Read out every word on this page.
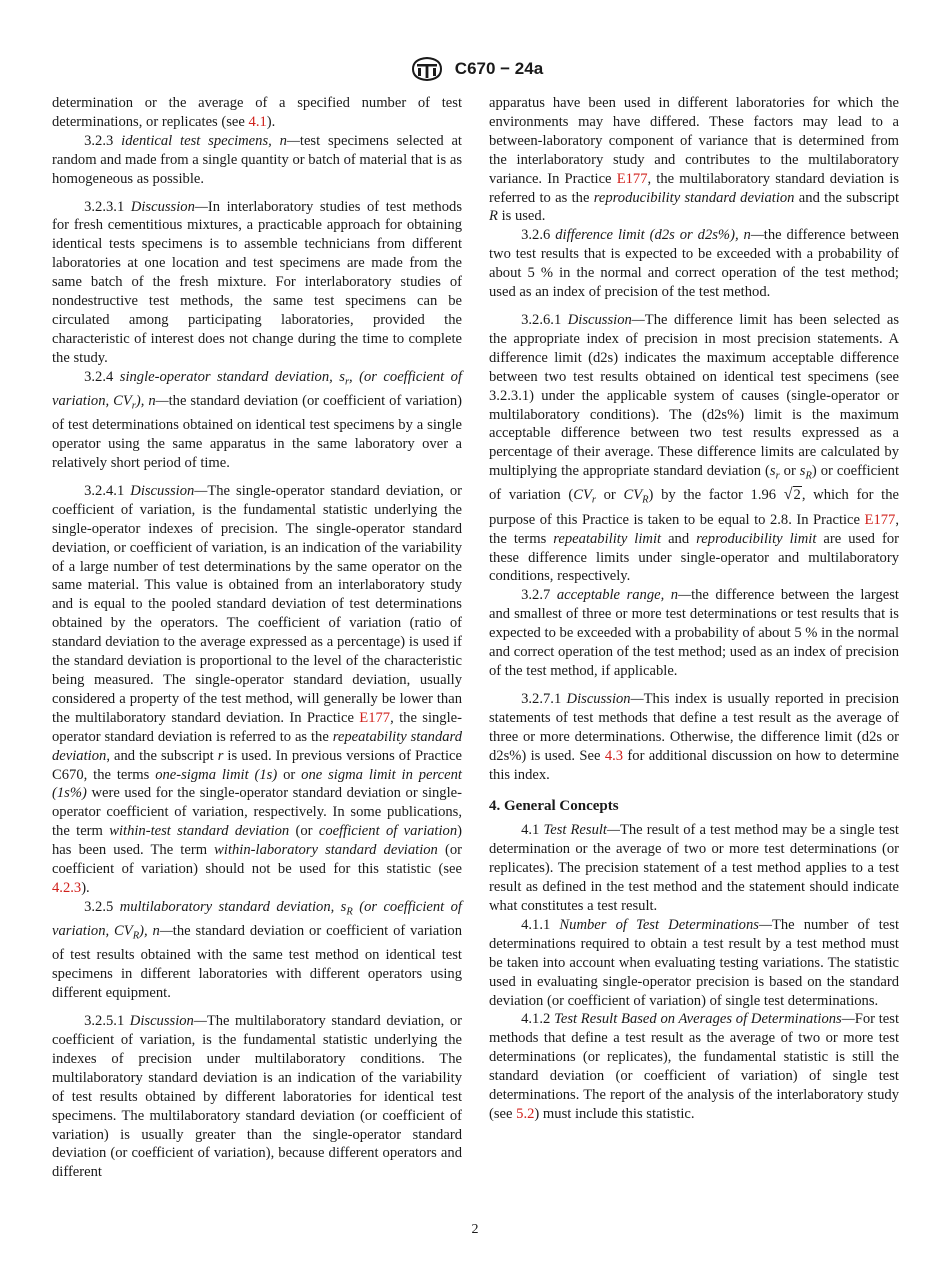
C670 − 24a

determination or the average of a specified number of test determinations, or replicates (see 4.1).

3.2.3 identical test specimens, n—test specimens selected at random and made from a single quantity or batch of material that is as homogeneous as possible.

3.2.3.1 Discussion—In interlaboratory studies of test methods for fresh cementitious mixtures, a practicable approach for obtaining identical tests specimens is to assemble technicians from different laboratories at one location and test specimens are made from the same batch of the fresh mixture. For interlaboratory studies of nondestructive test methods, the same test specimens can be circulated among participating laboratories, provided the characteristic of interest does not change during the time to complete the study.

3.2.4 single-operator standard deviation, $s_r$, (or coefficient of variation, $CV_r$), n—the standard deviation (or coefficient of variation) of test determinations obtained on identical test specimens by a single operator using the same apparatus in the same laboratory over a relatively short period of time.

3.2.4.1 Discussion—The single-operator standard deviation, or coefficient of variation, is the fundamental statistic underlying the single-operator indexes of precision. The single-operator standard deviation, or coefficient of variation, is an indication of the variability of a large number of test determinations by the same operator on the same material. This value is obtained from an interlaboratory study and is equal to the pooled standard deviation of test determinations obtained by the operators. The coefficient of variation (ratio of standard deviation to the average expressed as a percentage) is used if the standard deviation is proportional to the level of the characteristic being measured. The single-operator standard deviation, usually considered a property of the test method, will generally be lower than the multilaboratory standard deviation. In Practice E177, the single-operator standard deviation is referred to as the repeatability standard deviation, and the subscript r is used. In previous versions of Practice C670, the terms one-sigma limit (1s) or one sigma limit in percent (1s%) were used for the single-operator standard deviation or single-operator coefficient of variation, respectively. In some publications, the term within-test standard deviation (or coefficient of variation) has been used. The term within-laboratory standard deviation (or coefficient of variation) should not be used for this statistic (see 4.2.3).

3.2.5 multilaboratory standard deviation, $s_R$ (or coefficient of variation, $CV_R$), n—the standard deviation or coefficient of variation of test results obtained with the same test method on identical test specimens in different laboratories with different operators using different equipment.

3.2.5.1 Discussion—The multilaboratory standard deviation, or coefficient of variation, is the fundamental statistic underlying the indexes of precision under multilaboratory conditions. The multilaboratory standard deviation is an indication of the variability of test results obtained by different laboratories for identical test specimens. The multilaboratory standard deviation (or coefficient of variation) is usually greater than the single-operator standard deviation (or coefficient of variation), because different operators and different

apparatus have been used in different laboratories for which the environments may have differed. These factors may lead to a between-laboratory component of variance that is determined from the interlaboratory study and contributes to the multilaboratory variance. In Practice E177, the multilaboratory standard deviation is referred to as the reproducibility standard deviation and the subscript R is used.

3.2.6 difference limit (d2s or d2s%), n—the difference between two test results that is expected to be exceeded with a probability of about 5 % in the normal and correct operation of the test method; used as an index of precision of the test method.

3.2.6.1 Discussion—The difference limit has been selected as the appropriate index of precision in most precision statements. A difference limit (d2s) indicates the maximum acceptable difference between two test results obtained on identical test specimens (see 3.2.3.1) under the applicable system of causes (single-operator or multilaboratory conditions). The (d2s%) limit is the maximum acceptable difference between two test results expressed as a percentage of their average. These difference limits are calculated by multiplying the appropriate standard deviation ($s_r$ or $s_R$) or coefficient of variation ($CV_r$ or $CV_R$) by the factor 1.96 √2, which for the purpose of this Practice is taken to be equal to 2.8. In Practice E177, the terms repeatability limit and reproducibility limit are used for these difference limits under single-operator and multilaboratory conditions, respectively.

3.2.7 acceptable range, n—the difference between the largest and smallest of three or more test determinations or test results that is expected to be exceeded with a probability of about 5 % in the normal and correct operation of the test method; used as an index of precision of the test method, if applicable.

3.2.7.1 Discussion—This index is usually reported in precision statements of test methods that define a test result as the average of three or more determinations. Otherwise, the difference limit (d2s or d2s%) is used. See 4.3 for additional discussion on how to determine this index.

4. General Concepts

4.1 Test Result—The result of a test method may be a single test determination or the average of two or more test determinations (or replicates). The precision statement of a test method applies to a test result as defined in the test method and the statement should indicate what constitutes a test result.

4.1.1 Number of Test Determinations—The number of test determinations required to obtain a test result by a test method must be taken into account when evaluating testing variations. The statistic used in evaluating single-operator precision is based on the standard deviation (or coefficient of variation) of single test determinations.

4.1.2 Test Result Based on Averages of Determinations—For test methods that define a test result as the average of two or more test determinations (or replicates), the fundamental statistic is still the standard deviation (or coefficient of variation) of single test determinations. The report of the analysis of the interlaboratory study (see 5.2) must include this statistic.

2
